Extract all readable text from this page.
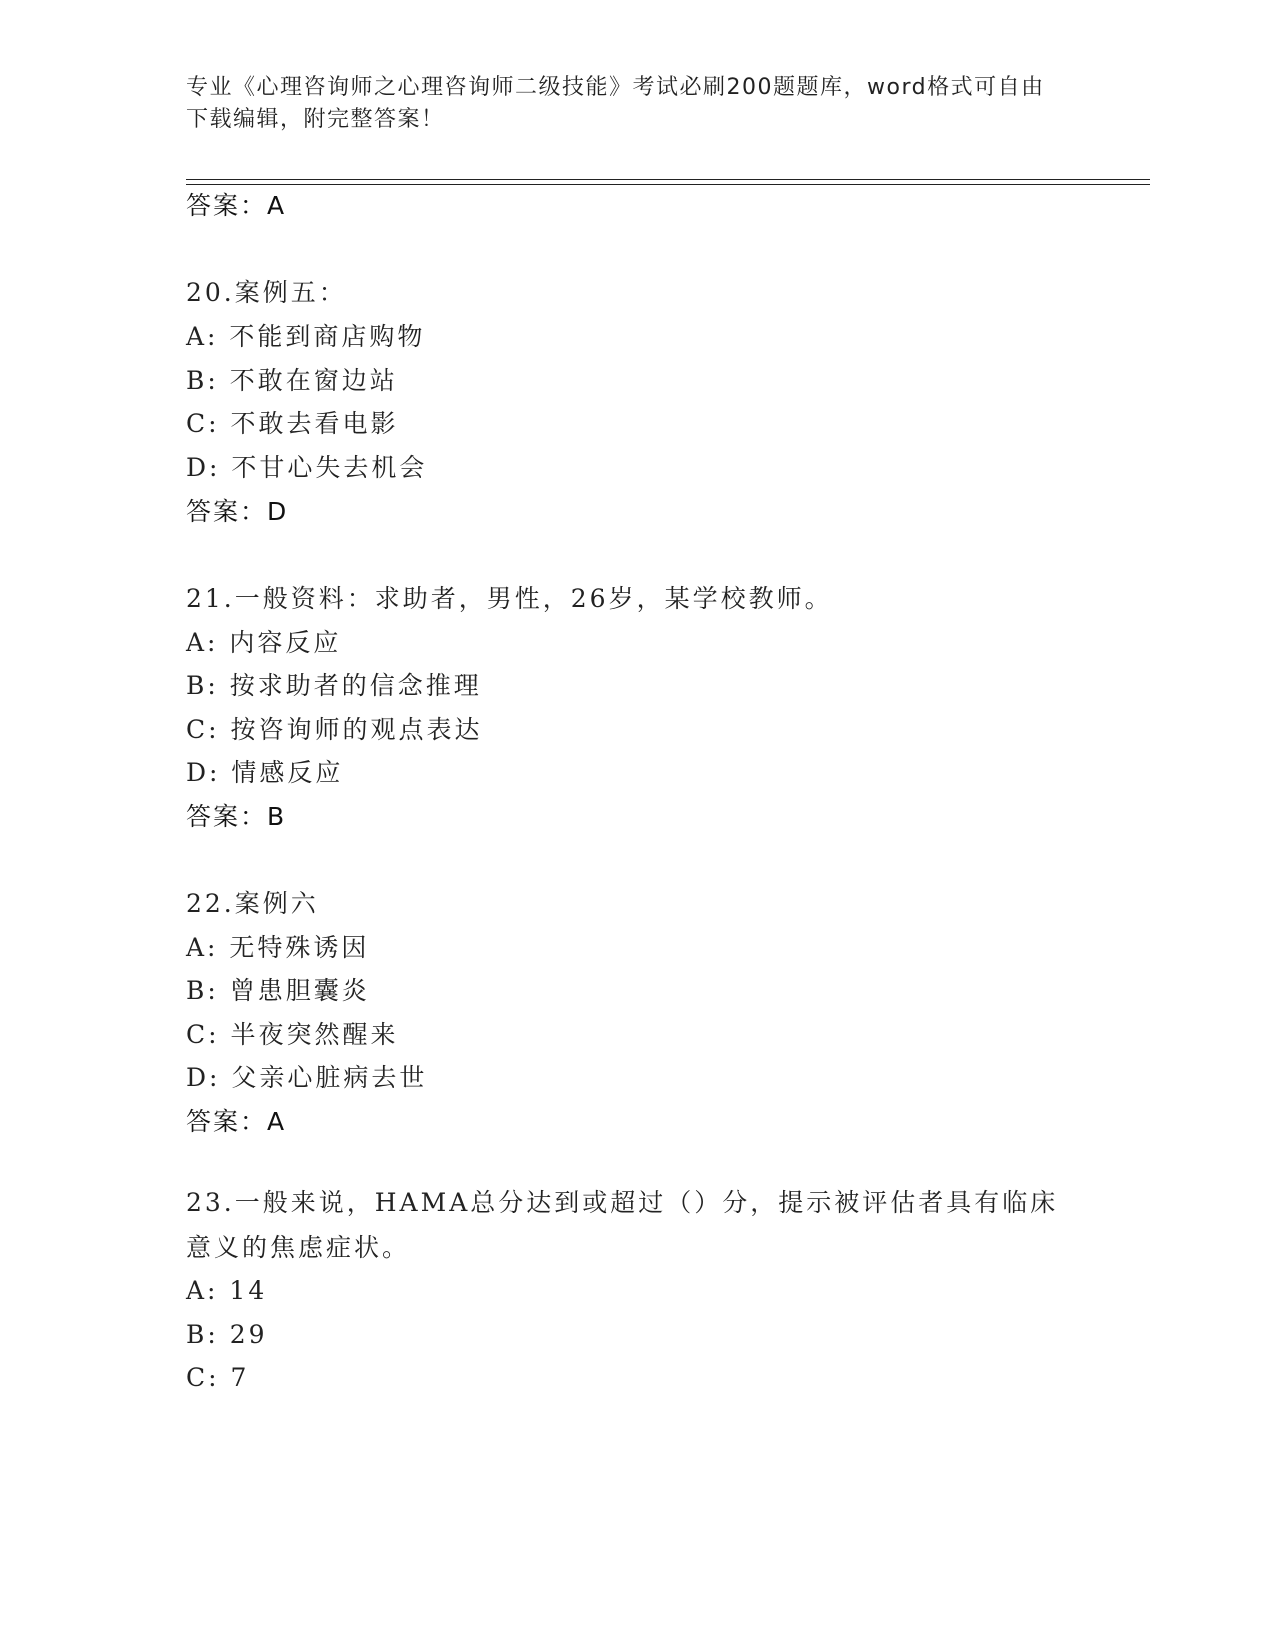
专业《心理咨询师之心理咨询师二级技能》考试必刷200题题库，word格式可自由下载编辑，附完整答案！
答案：A
20.案例五：
A: 不能到商店购物
B: 不敢在窗边站
C: 不敢去看电影
D: 不甘心失去机会
答案：D
21.一般资料：求助者，男性，26岁，某学校教师。
A: 内容反应
B: 按求助者的信念推理
C: 按咨询师的观点表达
D: 情感反应
答案：B
22.案例六
A: 无特殊诱因
B: 曾患胆囊炎
C: 半夜突然醒来
D: 父亲心脏病去世
答案：A
23.一般来说，HAMA总分达到或超过（）分，提示被评估者具有临床意义的焦虑症状。
A: 14
B: 29
C: 7
